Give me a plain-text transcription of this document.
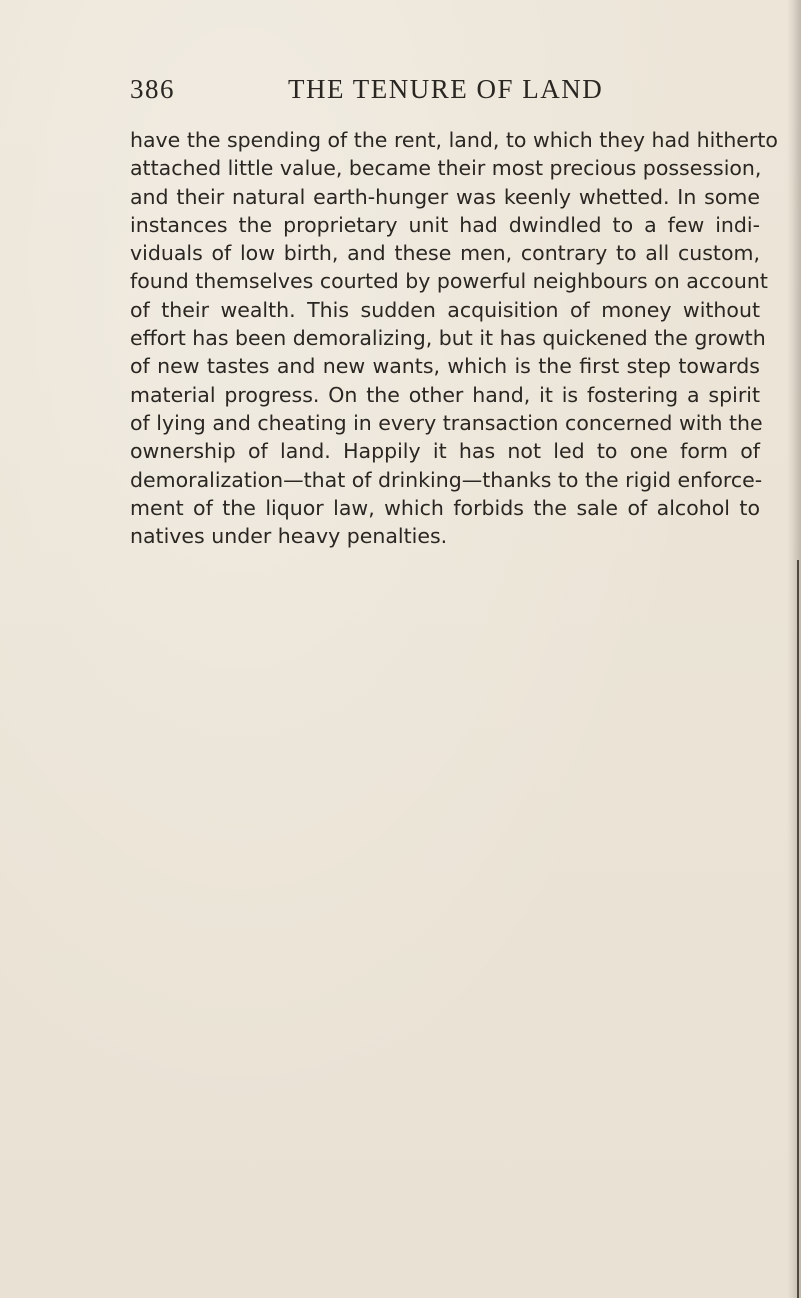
386	THE TENURE OF LAND
have the spending of the rent, land, to which they had hitherto
attached little value, became their most precious possession,
and their natural earth-hunger was keenly whetted. In some
instances the proprietary unit had dwindled to a few indi-
viduals of low birth, and these men, contrary to all custom,
found themselves courted by powerful neighbours on account
of their wealth. This sudden acquisition of money without
effort has been demoralizing, but it has quickened the growth
of new tastes and new wants, which is the first step towards
material progress. On the other hand, it is fostering a spirit
of lying and cheating in every transaction concerned with the
ownership of land. Happily it has not led to one form of
demoralization—that of drinking—thanks to the rigid enforce-
ment of the liquor law, which forbids the sale of alcohol to
natives under heavy penalties.
